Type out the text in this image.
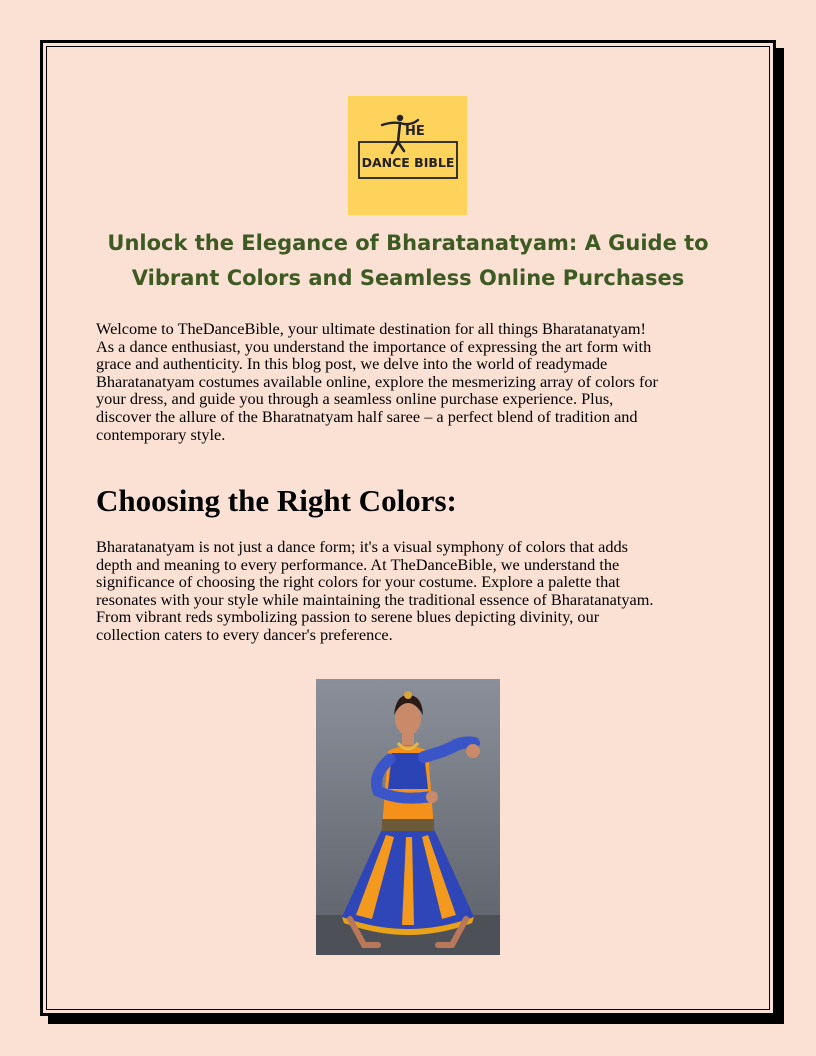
HE
DANCE BIBLE
Unlock the Elegance of Bharatanatyam: A Guide to
Vibrant Colors and Seamless Online Purchases

Welcome to TheDanceBible, your ultimate destination for all things Bharatanatyam!
As a dance enthusiast, you understand the importance of expressing the art form with
grace and authenticity. In this blog post, we delve into the world of readymade
Bharatanatyam costumes available online, explore the mesmerizing array of colors for
your dress, and guide you through a seamless online purchase experience. Plus,
discover the allure of the Bharatnatyam half saree – a perfect blend of tradition and
contemporary style.

Choosing the Right Colors:

Bharatanatyam is not just a dance form; it's a visual symphony of colors that adds
depth and meaning to every performance. At TheDanceBible, we understand the
significance of choosing the right colors for your costume. Explore a palette that
resonates with your style while maintaining the traditional essence of Bharatanatyam.
From vibrant reds symbolizing passion to serene blues depicting divinity, our
collection caters to every dancer's preference.
